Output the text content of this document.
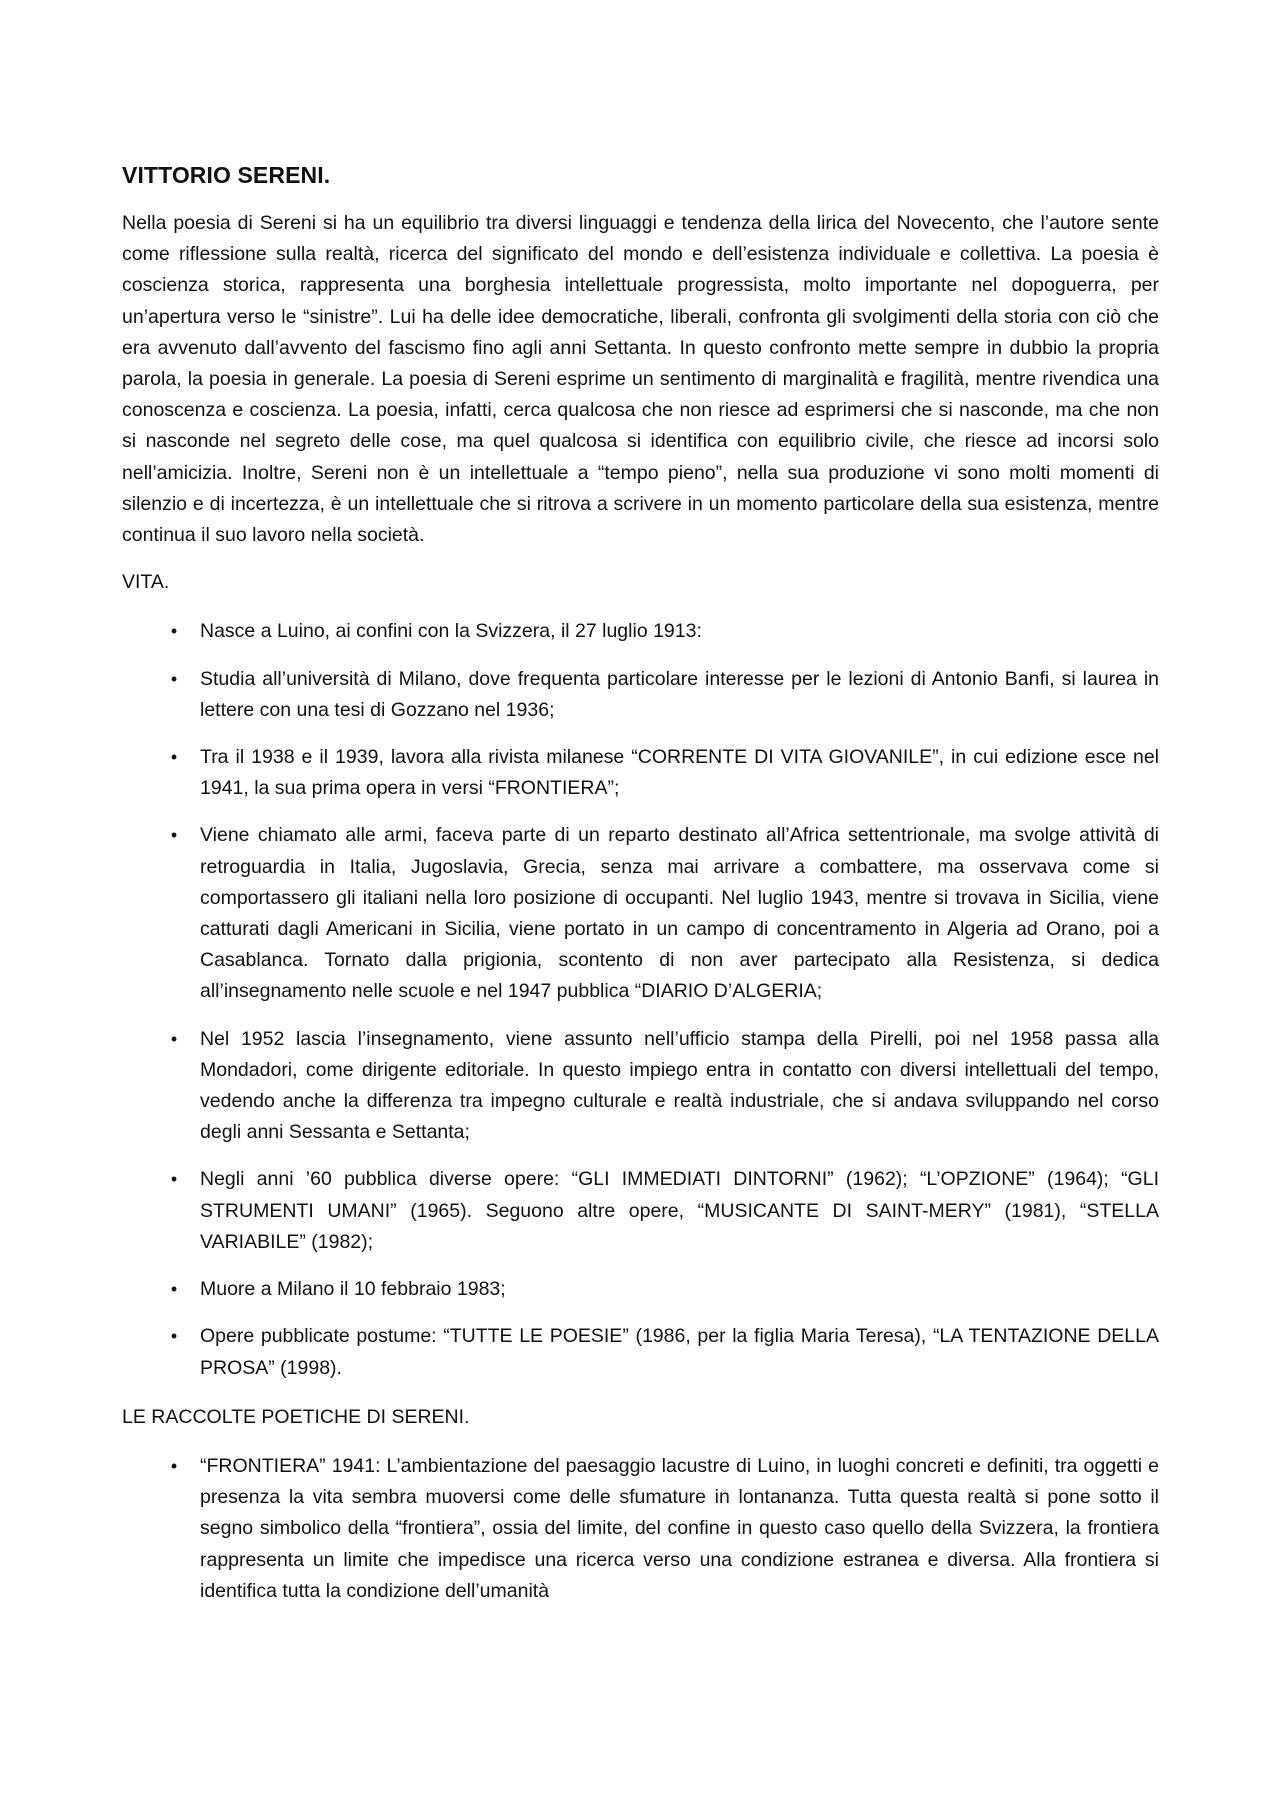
VITTORIO SERENI.

Nella poesia di Sereni si ha un equilibrio tra diversi linguaggi e tendenza della lirica del Novecento, che l’autore sente come riflessione sulla realtà, ricerca del significato del mondo e dell’esistenza individuale e collettiva. La poesia è coscienza storica, rappresenta una borghesia intellettuale progressista, molto importante nel dopoguerra, per un’apertura verso le “sinistre”. Lui ha delle idee democratiche, liberali, confronta gli svolgimenti della storia con ciò che era avvenuto dall’avvento del fascismo fino agli anni Settanta. In questo confronto mette sempre in dubbio la propria parola, la poesia in generale. La poesia di Sereni esprime un sentimento di marginalità e fragilità, mentre rivendica una conoscenza e coscienza. La poesia, infatti, cerca qualcosa che non riesce ad esprimersi che si nasconde, ma che non si nasconde nel segreto delle cose, ma quel qualcosa si identifica con equilibrio civile, che riesce ad incorsi solo nell’amicizia. Inoltre, Sereni non è un intellettuale a “tempo pieno”, nella sua produzione vi sono molti momenti di silenzio e di incertezza, è un intellettuale che si ritrova a scrivere in un momento particolare della sua esistenza, mentre continua il suo lavoro nella società.

VITA.
•	Nasce a Luino, ai confini con la Svizzera, il 27 luglio 1913:
•	Studia all’università di Milano, dove frequenta particolare interesse per le lezioni di Antonio Banfi, si laurea in lettere con una tesi di Gozzano nel 1936;
•	Tra il 1938 e il 1939, lavora alla rivista milanese “CORRENTE DI VITA GIOVANILE”, in cui edizione esce nel 1941, la sua prima opera in versi “FRONTIERA”;
•	Viene chiamato alle armi, faceva parte di un reparto destinato all’Africa settentrionale, ma svolge attività di retroguardia in Italia, Jugoslavia, Grecia, senza mai arrivare a combattere, ma osservava come si comportassero gli italiani nella loro posizione di occupanti. Nel luglio 1943, mentre si trovava in Sicilia, viene catturati dagli Americani in Sicilia, viene portato in un campo di concentramento in Algeria ad Orano, poi a Casablanca. Tornato dalla prigionia, scontento di non aver partecipato alla Resistenza, si dedica all’insegnamento nelle scuole e nel 1947 pubblica “DIARIO D’ALGERIA;
•	Nel 1952 lascia l’insegnamento, viene assunto nell’ufficio stampa della Pirelli, poi nel 1958 passa alla Mondadori, come dirigente editoriale. In questo impiego entra in contatto con diversi intellettuali del tempo, vedendo anche la differenza tra impegno culturale e realtà industriale, che si andava sviluppando nel corso degli anni Sessanta e Settanta;
•	Negli anni ’60 pubblica diverse opere: “GLI IMMEDIATI DINTORNI” (1962); “L’OPZIONE” (1964); “GLI STRUMENTI UMANI” (1965). Seguono altre opere, “MUSICANTE DI SAINT-MERY” (1981), “STELLA VARIABILE” (1982);
•	Muore a Milano il 10 febbraio 1983;
•	Opere pubblicate postume: “TUTTE LE POESIE” (1986, per la figlia Maria Teresa), “LA TENTAZIONE DELLA PROSA” (1998).
LE RACCOLTE POETICHE DI SERENI.
•	“FRONTIERA” 1941: L’ambientazione del paesaggio lacustre di Luino, in luoghi concreti e definiti, tra oggetti e presenza la vita sembra muoversi come delle sfumature in lontananza. Tutta questa realtà si pone sotto il segno simbolico della “frontiera”, ossia del limite, del confine in questo caso quello della Svizzera, la frontiera rappresenta un limite che impedisce una ricerca verso una condizione estranea e diversa. Alla frontiera si identifica tutta la condizione dell’umanità
